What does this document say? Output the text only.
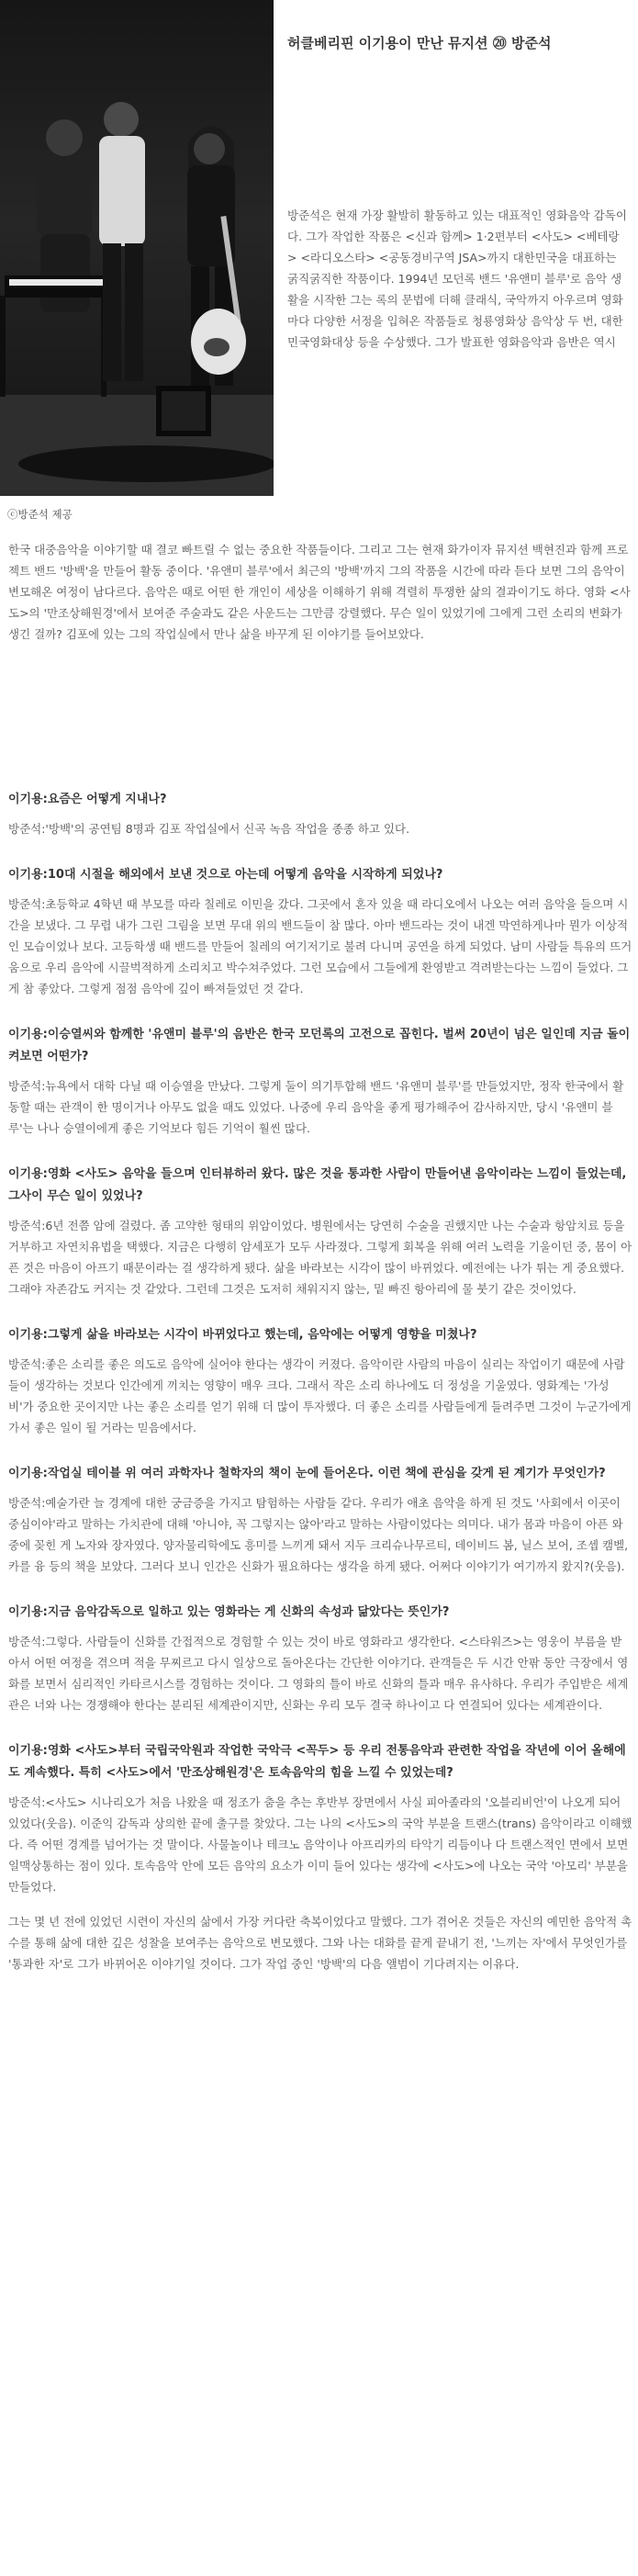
ⓒ방준석 제공

허클베리핀 이기용이 만난 뮤지션 ⑳ 방준석

방준석은 현재 가장 활발히 활동하고 있는 대표적인 영화음악 감독이다. 그가 작업한 작품은 <신과 함께> 1·2편부터 <사도> <베테랑> <라디오스타> <공동경비구역 JSA>까지 대한민국을 대표하는 굵직굵직한 작품이다. 1994년 모던록 밴드 '유앤미 블루'로 음악 생활을 시작한 그는 록의 문법에 더해 클래식, 국악까지 아우르며 영화마다 다양한 서정을 입혀온 작품들로 청룡영화상 음악상 두 번, 대한민국영화대상 등을 수상했다. 그가 발표한 영화음악과 음반은 역시

한국 대중음악을 이야기할 때 결코 빠트릴 수 없는 중요한 작품들이다. 그리고 그는 현재 화가이자 뮤지션 백현진과 함께 프로젝트 밴드 '방백'을 만들어 활동 중이다. '유앤미 블루'에서 최근의 '방백'까지 그의 작품을 시간에 따라 듣다 보면 그의 음악이 변모해온 여정이 남다르다. 음악은 때로 어떤 한 개인이 세상을 이해하기 위해 격렬히 투쟁한 삶의 결과이기도 하다. 영화 <사도>의 '만조상해원경'에서 보여준 주술과도 같은 사운드는 그만큼 강렬했다. 무슨 일이 있었기에 그에게 그런 소리의 변화가 생긴 걸까? 김포에 있는 그의 작업실에서 만나 삶을 바꾸게 된 이야기를 들어보았다.

이기용:요즘은 어떻게 지내나?

방준석:'방백'의 공연팀 8명과 김포 작업실에서 신곡 녹음 작업을 종종 하고 있다.

이기용:10대 시절을 해외에서 보낸 것으로 아는데 어떻게 음악을 시작하게 되었나?

방준석:초등학교 4학년 때 부모를 따라 칠레로 이민을 갔다. 그곳에서 혼자 있을 때 라디오에서 나오는 여러 음악을 들으며 시간을 보냈다. 그 무렵 내가 그린 그림을 보면 무대 위의 밴드들이 참 많다. 아마 밴드라는 것이 내겐 막연하게나마 뭔가 이상적인 모습이었나 보다. 고등학생 때 밴드를 만들어 칠레의 여기저기로 불려 다니며 공연을 하게 되었다. 남미 사람들 특유의 뜨거움으로 우리 음악에 시끌벅적하게 소리치고 박수쳐주었다. 그런 모습에서 그들에게 환영받고 격려받는다는 느낌이 들었다. 그게 참 좋았다. 그렇게 점점 음악에 깊이 빠져들었던 것 같다.

이기용:이승열씨와 함께한 '유앤미 블루'의 음반은 한국 모던록의 고전으로 꼽힌다. 벌써 20년이 넘은 일인데 지금 돌이켜보면 어떤가?

방준석:뉴욕에서 대학 다닐 때 이승열을 만났다. 그렇게 둘이 의기투합해 밴드 '유앤미 블루'를 만들었지만, 정작 한국에서 활동할 때는 관객이 한 명이거나 아무도 없을 때도 있었다. 나중에 우리 음악을 좋게 평가해주어 감사하지만, 당시 '유앤미 블루'는 나나 승열이에게 좋은 기억보다 힘든 기억이 훨씬 많다.

이기용:영화 <사도> 음악을 들으며 인터뷰하러 왔다. 많은 것을 통과한 사람이 만들어낸 음악이라는 느낌이 들었는데, 그사이 무슨 일이 있었나?

방준석:6년 전쯤 암에 걸렸다. 좀 고약한 형태의 위암이었다. 병원에서는 당연히 수술을 권했지만 나는 수술과 항암치료 등을 거부하고 자연치유법을 택했다. 지금은 다행히 암세포가 모두 사라졌다. 그렇게 회복을 위해 여러 노력을 기울이던 중, 몸이 아픈 것은 마음이 아프기 때문이라는 걸 생각하게 됐다. 삶을 바라보는 시각이 많이 바뀌었다. 예전에는 나가 튀는 게 중요했다. 그래야 자존감도 커지는 것 같았다. 그런데 그것은 도저히 채워지지 않는, 밑 빠진 항아리에 물 붓기 같은 것이었다.

이기용:그렇게 삶을 바라보는 시각이 바뀌었다고 했는데, 음악에는 어떻게 영향을 미쳤나?

방준석:좋은 소리를 좋은 의도로 음악에 실어야 한다는 생각이 커졌다. 음악이란 사람의 마음이 실리는 작업이기 때문에 사람들이 생각하는 것보다 인간에게 끼치는 영향이 매우 크다. 그래서 작은 소리 하나에도 더 정성을 기울였다. 영화계는 '가성비'가 중요한 곳이지만 나는 좋은 소리를 얻기 위해 더 많이 투자했다. 더 좋은 소리를 사람들에게 들려주면 그것이 누군가에게 가서 좋은 일이 될 거라는 믿음에서다.

이기용:작업실 테이블 위 여러 과학자나 철학자의 책이 눈에 들어온다. 이런 책에 관심을 갖게 된 계기가 무엇인가?

방준석:예술가란 늘 경계에 대한 궁금증을 가지고 탐험하는 사람들 같다. 우리가 애초 음악을 하게 된 것도 '사회에서 이곳이 중심이야'라고 말하는 가치관에 대해 '아니야, 꼭 그렇지는 않아'라고 말하는 사람이었다는 의미다. 내가 몸과 마음이 아픈 와중에 꽂힌 게 노자와 장자였다. 양자물리학에도 흥미를 느끼게 돼서 지두 크리슈나무르티, 데이비드 봄, 닐스 보어, 조셉 캠벨, 카를 융 등의 책을 보았다. 그러다 보니 인간은 신화가 필요하다는 생각을 하게 됐다. 어쩌다 이야기가 여기까지 왔지?(웃음).

이기용:지금 음악감독으로 일하고 있는 영화라는 게 신화의 속성과 닮았다는 뜻인가?

방준석:그렇다. 사람들이 신화를 간접적으로 경험할 수 있는 것이 바로 영화라고 생각한다. <스타워즈>는 영웅이 부름을 받아서 어떤 여정을 겪으며 적을 무찌르고 다시 일상으로 돌아온다는 간단한 이야기다. 관객들은 두 시간 안팎 동안 극장에서 영화를 보면서 심리적인 카타르시스를 경험하는 것이다. 그 영화의 틀이 바로 신화의 틀과 매우 유사하다. 우리가 주입받은 세계관은 너와 나는 경쟁해야 한다는 분리된 세계관이지만, 신화는 우리 모두 결국 하나이고 다 연결되어 있다는 세계관이다.

이기용:영화 <사도>부터 국립국악원과 작업한 국악극 <꼭두> 등 우리 전통음악과 관련한 작업을 작년에 이어 올해에도 계속했다. 특히 <사도>에서 '만조상해원경'은 토속음악의 힘을 느낄 수 있었는데?

방준석:<사도> 시나리오가 처음 나왔을 때 정조가 춤을 추는 후반부 장면에서 사실 피아졸라의 '오블리비언'이 나오게 되어 있었다(웃음). 이준익 감독과 상의한 끝에 출구를 찾았다. 그는 나의 <사도>의 국악 부분을 트랜스(trans) 음악이라고 이해했다. 즉 어떤 경계를 넘어가는 것 말이다. 사물놀이나 테크노 음악이나 아프리카의 타악기 리듬이나 다 트랜스적인 면에서 보면 일맥상통하는 점이 있다. 토속음악 안에 모든 음악의 요소가 이미 들어 있다는 생각에 <사도>에 나오는 국악 '아모리' 부분을 만들었다.

그는 몇 년 전에 있었던 시련이 자신의 삶에서 가장 커다란 축복이었다고 말했다. 그가 겪어온 것들은 자신의 예민한 음악적 촉수를 통해 삶에 대한 깊은 성찰을 보여주는 음악으로 변모했다. 그와 나는 대화를 끝게 끝내기 전, '느끼는 자'에서 무엇인가를 '통과한 자'로 그가 바뀌어온 이야기일 것이다. 그가 작업 중인 '방백'의 다음 앨범이 기다려지는 이유다.
